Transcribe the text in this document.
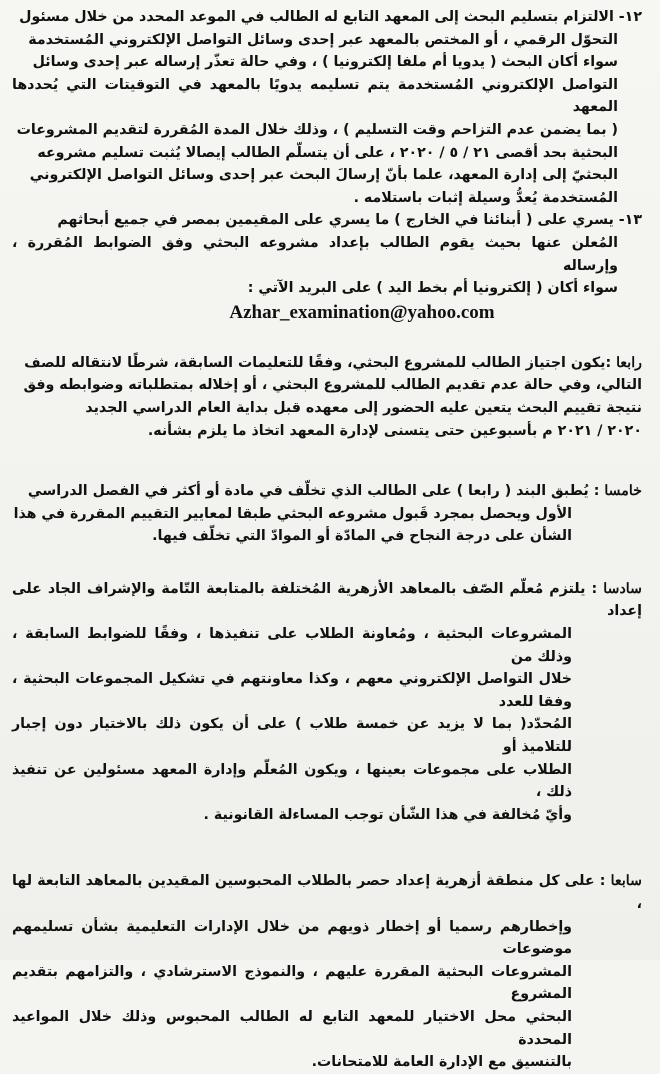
١٢- الالتزام بتسليم البحث إلى المعهد التابع له الطالب في الموعد المحدد من خلال مسئول

التحوّل الرقمي ، أو المختص بالمعهد عبر إحدى وسائل التواصل الإلكتروني المُستخدمة

سواء أكان البحث ( يدويا أم ملفا إلكترونيا ) ، وفي حالة تعذّر إرساله عبر إحدى وسائل

التواصل الإلكتروني المُستخدمة يتم تسليمه يدويًا بالمعهد في التوقيتات التي يُحددها المعهد

( بما يضمن عدم التزاحم وقت التسليم ) ، وذلك خلال المدة المُقررة لتقديم المشروعات

البحثية بحد أقصى ٢١ / ٥ / ٢٠٢٠ ، على أن يتسلّم الطالب إيصالا يُثبت تسليم مشروعه

البحثيّ إلى إدارة المعهد، علما بأنّ إرسالَ البحث عبر إحدى وسائل التواصل الإلكتروني

المُستخدمة يُعدُّ وسيلة إثبات باستلامه .

١٣- يسري على ( أبنائنا في الخارج ) ما يسري على المقيمين بمصر في جميع أبحاثهم

المُعلن عنها بحيث يقوم الطالب بإعداد مشروعه البحثي وفق الضوابط المُقررة ، وإرساله

سواء أكان ( إلكترونيا أم بخط اليد ) على البريد الآتي :

Azhar_examination@yahoo.com

رابعا :يكون اجتياز الطالب للمشروع البحثي، وفقًا للتعليمات السابقة، شرطًا لانتقاله للصف

التالي، وفي حالة عدم تقديم الطالب للمشروع البحثي ، أو إخلاله بمتطلباته وضوابطه وفق

نتيجة تقييم البحث يتعين عليه الحضور إلى معهده قبل بداية العام الدراسي الجديد

٢٠٢٠ / ٢٠٢١ م بأسبوعين حتى يتسنى لإدارة المعهد اتخاذ ما يلزم بشأنه.

خامسا : يُطبق البند ( رابعا ) على الطالب الذي تخلّف في مادة أو أكثر في الفصل الدراسي

الأول ويحصل بمجرد قَبول مشروعه البحثي طبقا لمعايير التقييم المقررة في هذا

الشأن على درجة النجاح في المادّة أو الموادّ التي تخلّف فيها.

سادسا : يلتزم مُعلّم الصّف بالمعاهد الأزهرية المُختلفة بالمتابعة التّامة والإشراف الجاد على إعداد

المشروعات البحثية ، ومُعاونة الطلاب على تنفيذها ، وفقًا للضوابط السابقة ، وذلك من

خلال التواصل الإلكتروني معهم ، وكذا معاونتهم في تشكيل المجموعات البحثية ، وفقا للعدد

المُحدّد( بما لا يزيد عن خمسة طلاب ) على أن يكون ذلك بالاختيار دون إجبار للتلاميذ أو

الطلاب على مجموعات بعينها ، ويكون المُعلّم وإدارة المعهد مسئولين عن تنفيذ ذلك ،

وأيّ مُخالفة في هذا الشّأن توجب المساءلة القانونية .

سابعا : على كل منطقة أزهرية إعداد حصر بالطلاب المحبوسين المقيدين بالمعاهد التابعة لها ،

وإخطارهم رسميا أو إخطار ذويهم من خلال الإدارات التعليمية بشأن تسليمهم موضوعات

المشروعات البحثية المقررة عليهم ، والنموذج الاسترشادي ، والتزامهم بتقديم المشروع

البحثي محل الاختيار للمعهد التابع له الطالب المحبوس وذلك خلال المواعيد المحددة

بالتنسيق مع الإدارة العامة للامتحانات.
